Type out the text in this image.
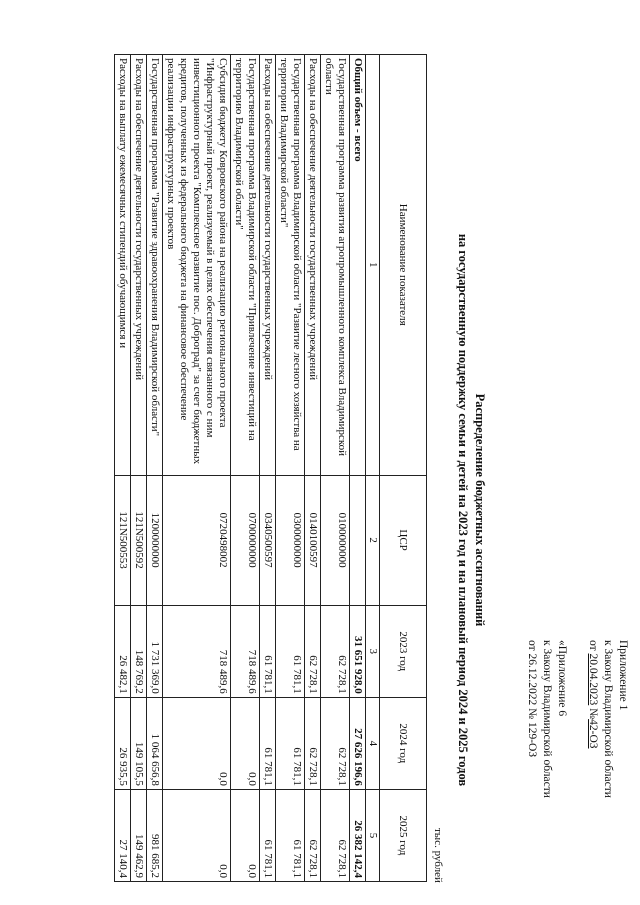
Приложение 1
к Закону Владимирской области
от 20.04.2023 №42-ОЗ
«Приложение 6
к Закону Владимирской области
от 26.12.2022 № 129-ОЗ
Распределение бюджетных ассигнований
на государственную поддержку семьи и детей на 2023 год и на плановый период 2024 и 2025 годов
тыс. рублей
Наименование показателя	ЦСР	2023 год	2024 год	2025 год
1	2	3	4	5
Общий объем - всего		31 651 928,0	27 626 196,6	26 382 142,4
Государственная программа развития агропромышленного комплекса Владимирской области	0100000000	62 728,1	62 728,1	62 728,1
Расходы на обеспечение деятельности государственных учреждений	0140100597	62 728,1	62 728,1	62 728,1
Государственная программа Владимирской области "Развитие лесного хозяйства на территории Владимирской области"	0300000000	61 781,1	61 781,1	61 781,1
Расходы на обеспечение деятельности государственных учреждений	0340500597	61 781,1	61 781,1	61 781,1
Государственная программа Владимирской области "Привлечение инвестиций на территорию Владимирской области"	0700000000	718 489,6	0,0	0,0
Субсидия бюджету Ковровского района на реализацию регионального проекта "Инфраструктурный проект, реализуемый в целях обеспечения связанного с ним инвестиционного проекта "Комплексное развитие пос. Доброград" за счет бюджетных кредитов, полученных из федерального бюджета на финансовое обеспечение реализации инфраструктурных проектов	0720498002	718 489,6	0,0	0,0
Государственная программа "Развитие здравоохранения Владимирской области"	1200000000	1 731 369,0	1 064 656,8	981 685,2
Расходы на обеспечение деятельности государственных учреждений	121N500592	148 769,2	149 105,5	149 462,9
Расходы на выплату ежемесячных стипендий обучающимся и	121N500553	26 482,1	26 935,5	27 140,4
